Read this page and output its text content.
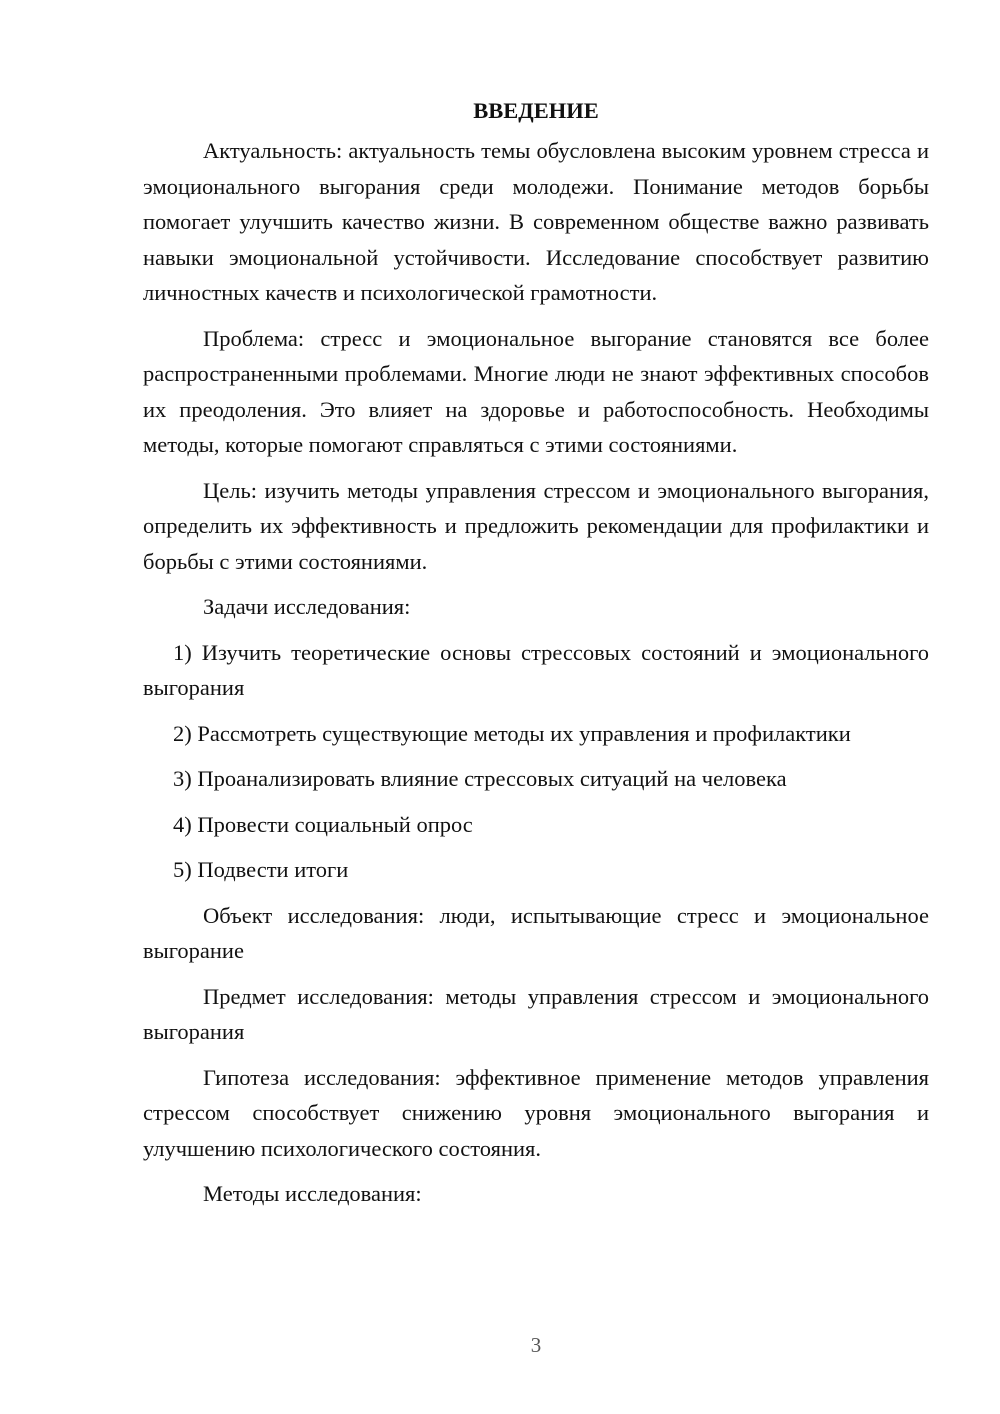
ВВЕДЕНИЕ

Актуальность: актуальность темы обусловлена высоким уровнем стресса и эмоционального выгорания среди молодежи. Понимание методов борьбы помогает улучшить качество жизни. В современном обществе важно развивать навыки эмоциональной устойчивости. Исследование способствует развитию личностных качеств и психологической грамотности.

Проблема: стресс и эмоциональное выгорание становятся все более распространенными проблемами. Многие люди не знают эффективных способов их преодоления. Это влияет на здоровье и работоспособность. Необходимы методы, которые помогают справляться с этими состояниями.

Цель: изучить методы управления стрессом и эмоционального выгорания, определить их эффективность и предложить рекомендации для профилактики и борьбы с этими состояниями.

Задачи исследования:

1) Изучить теоретические основы стрессовых состояний и эмоционального выгорания

2) Рассмотреть существующие методы их управления и профилактики

3) Проанализировать влияние стрессовых ситуаций на человека

4) Провести социальный опрос

5) Подвести итоги

Объект исследования: люди, испытывающие стресс и эмоциональное выгорание

Предмет исследования: методы управления стрессом и эмоционального выгорания

Гипотеза исследования: эффективное применение методов управления стрессом способствует снижению уровня эмоционального выгорания и улучшению психологического состояния.

Методы исследования:

3
